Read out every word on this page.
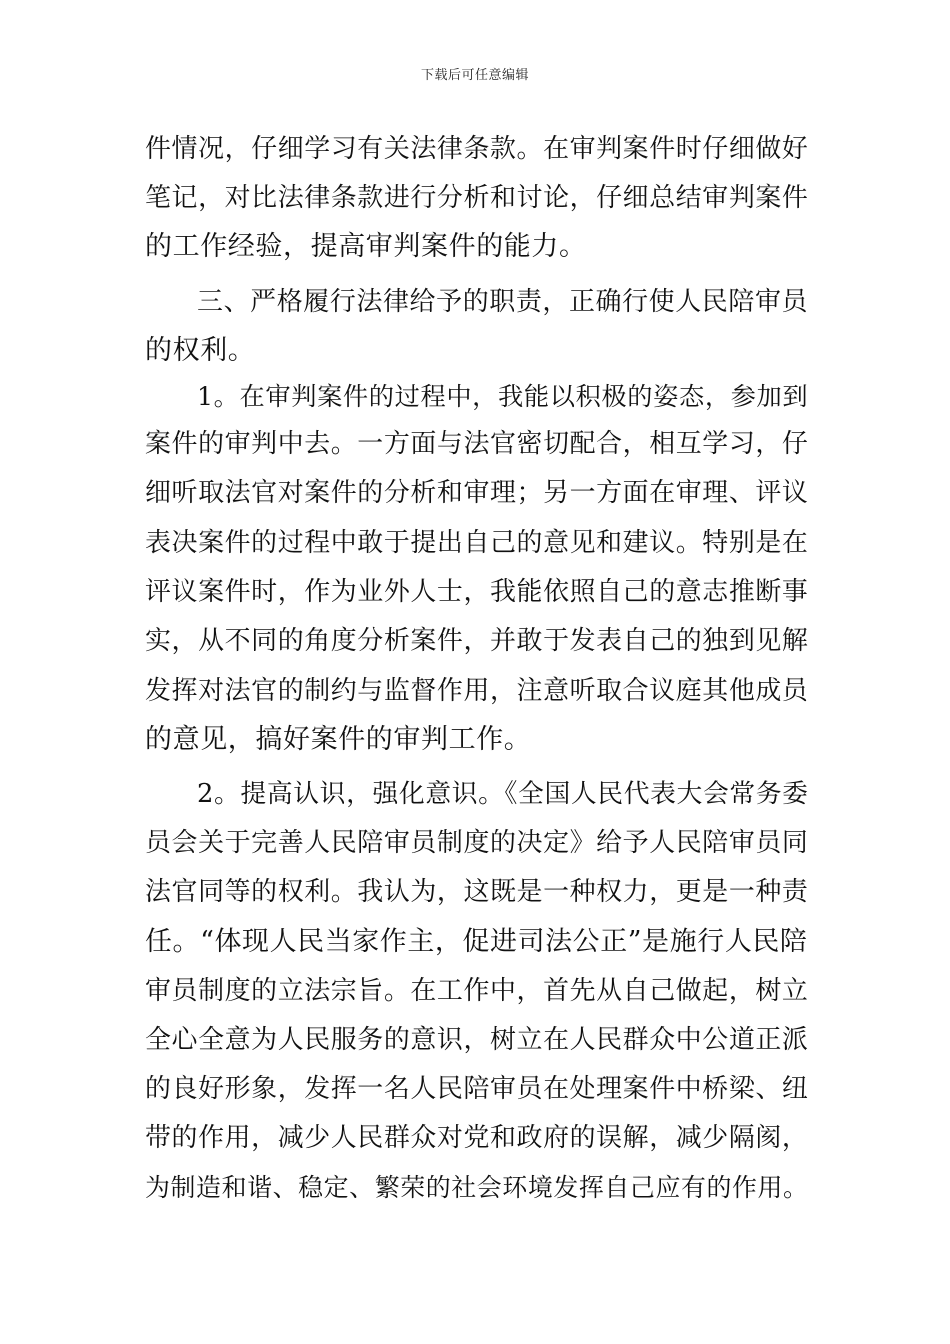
下载后可任意编辑
件情况，仔细学习有关法律条款。在审判案件时仔细做好
笔记，对比法律条款进行分析和讨论，仔细总结审判案件
的工作经验，提高审判案件的能力。
三、严格履行法律给予的职责，正确行使人民陪审员
的权利。
1。在审判案件的过程中，我能以积极的姿态，参加到
案件的审判中去。一方面与法官密切配合，相互学习，仔
细听取法官对案件的分析和审理；另一方面在审理、评议
表决案件的过程中敢于提出自己的意见和建议。特别是在
评议案件时，作为业外人士，我能依照自己的意志推断事
实，从不同的角度分析案件，并敢于发表自己的独到见解
发挥对法官的制约与监督作用，注意听取合议庭其他成员
的意见，搞好案件的审判工作。
2。提高认识，强化意识。《全国人民代表大会常务委
员会关于完善人民陪审员制度的决定》给予人民陪审员同
法官同等的权利。我认为，这既是一种权力，更是一种责
任。“体现人民当家作主，促进司法公正”是施行人民陪
审员制度的立法宗旨。在工作中，首先从自己做起，树立
全心全意为人民服务的意识，树立在人民群众中公道正派
的良好形象，发挥一名人民陪审员在处理案件中桥梁、纽
带的作用，减少人民群众对党和政府的误解，减少隔阂，
为制造和谐、稳定、繁荣的社会环境发挥自己应有的作用。
